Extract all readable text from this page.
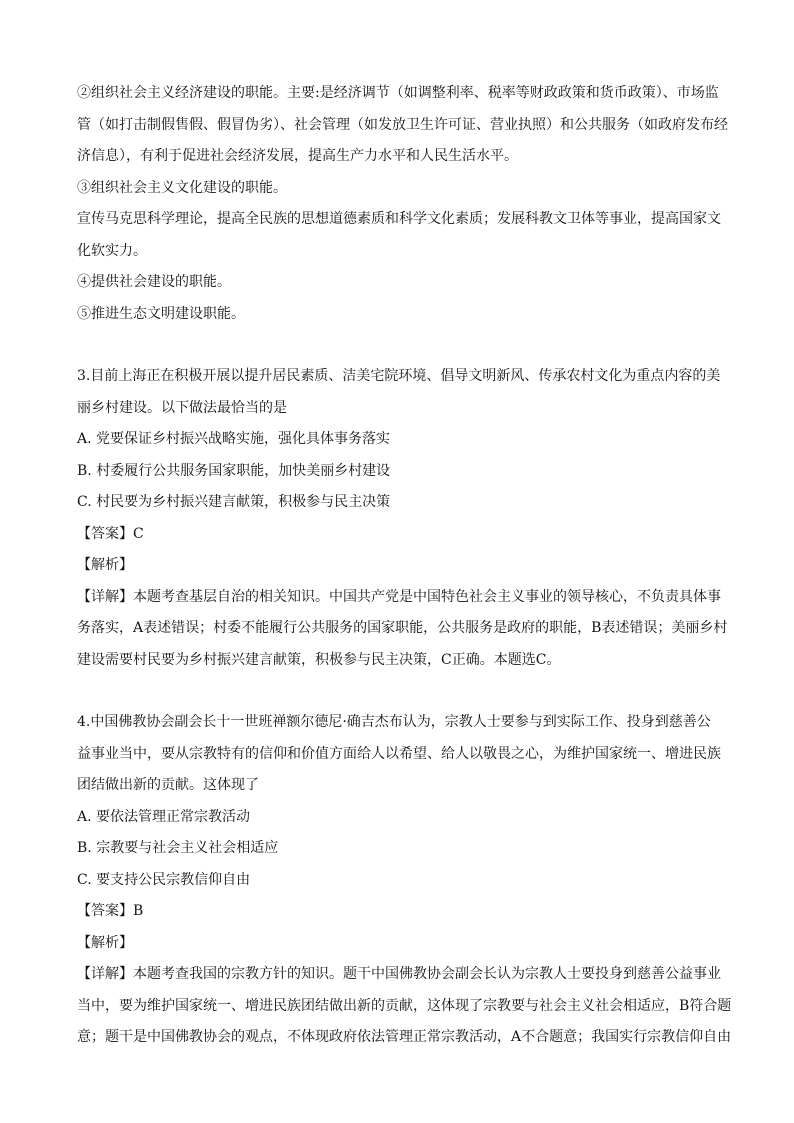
②组织社会主义经济建设的职能。主要:是经济调节（如调整利率、税率等财政政策和货币政策）、市场监

管（如打击制假售假、假冒伪劣）、社会管理（如发放卫生许可证、营业执照）和公共服务（如政府发布经

济信息），有利于促进社会经济发展，提高生产力水平和人民生活水平。

③组织社会主义文化建设的职能。

宣传马克思科学理论，提高全民族的思想道德素质和科学文化素质；发展科教文卫体等事业，提高国家文

化软实力。

④提供社会建设的职能。

⑤推进生态文明建设职能。

3.目前上海正在积极开展以提升居民素质、洁美宅院环境、倡导文明新风、传承农村文化为重点内容的美

丽乡村建设。以下做法最恰当的是

A. 党要保证乡村振兴战略实施，强化具体事务落实

B. 村委履行公共服务国家职能，加快美丽乡村建设

C. 村民要为乡村振兴建言献策，积极参与民主决策

【答案】C

【解析】

【详解】本题考查基层自治的相关知识。中国共产党是中国特色社会主义事业的领导核心，不负责具体事

务落实，A表述错误；村委不能履行公共服务的国家职能，公共服务是政府的职能，B表述错误；美丽乡村

建设需要村民要为乡村振兴建言献策，积极参与民主决策，C正确。本题选C。

4.中国佛教协会副会长十一世班禅额尔德尼·确吉杰布认为，宗教人士要参与到实际工作、投身到慈善公

益事业当中，要从宗教特有的信仰和价值方面给人以希望、给人以敬畏之心，为维护国家统一、增进民族

团结做出新的贡献。这体现了

A. 要依法管理正常宗教活动

B. 宗教要与社会主义社会相适应

C. 要支持公民宗教信仰自由

【答案】B

【解析】

【详解】本题考查我国的宗教方针的知识。题干中国佛教协会副会长认为宗教人士要投身到慈善公益事业

当中，要为维护国家统一、增进民族团结做出新的贡献，这体现了宗教要与社会主义社会相适应，B符合题

意；题干是中国佛教协会的观点，不体现政府依法管理正常宗教活动，A不合题意；我国实行宗教信仰自由
